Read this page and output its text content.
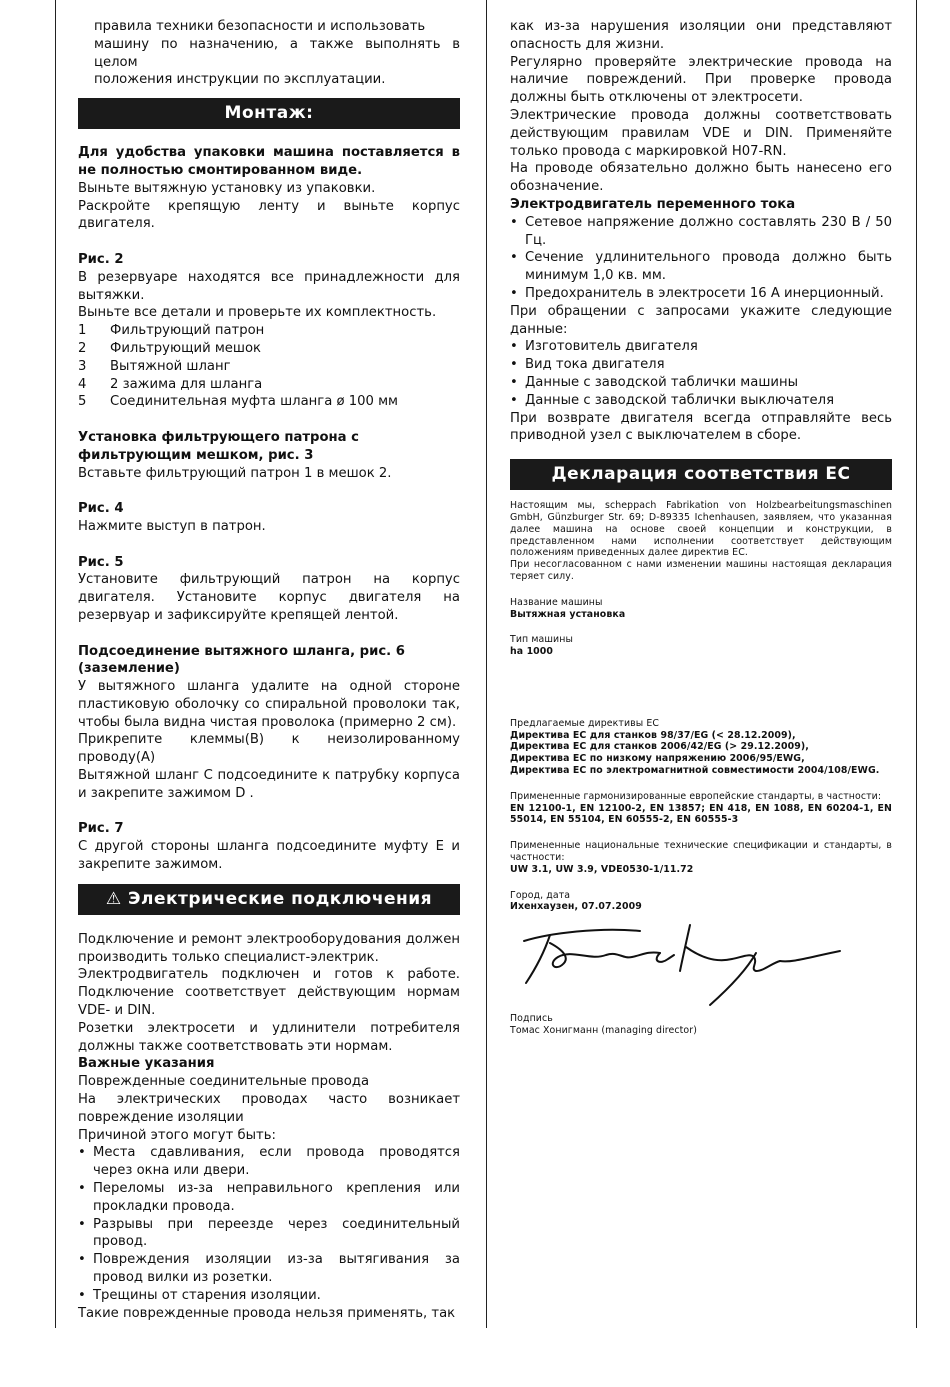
правила техники безопасности и использовать

машину по назначению, а также выполнять в целом

положения инструкции по эксплуатации.

Монтаж:

Для удобства упаковки машина поставляется в не полностью смонтированном виде.

Выньте вытяжную установку из упаковки.

Раскройте крепящую ленту и выньте корпус двигателя.

Рис. 2

В резервуаре находятся все принадлежности для вытяжки.

Выньте все детали и проверьте их комплектность.

1	Фильтрующий патрон
2	Фильтрующий мешок
3	Вытяжной шланг
4	2 зажима для шланга
5	Соединительная муфта шланга ø 100 мм

Установка фильтрующего патрона с фильтрующим мешком, рис. 3

Вставьте фильтрующий патрон 1 в мешок 2.

Рис. 4

Нажмите выступ в патрон.

Рис. 5

Установите фильтрующий патрон на корпус двигателя. Установите корпус двигателя на резервуар и зафиксируйте крепящей лентой.

Подсоединение вытяжного шланга, рис. 6 (заземление)

У вытяжного шланга удалите на одной стороне пластиковую оболочку со спиральной проволоки так, чтобы была видна чистая проволока (примерно 2 см).

Прикрепите клеммы(B) к неизолированному проводу(A)

Вытяжной шланг C подсоедините к патрубку корпуса и закрепите зажимом D .

Рис. 7

С другой стороны шланга подсоедините муфту E и закрепите зажимом.

⚠ Электрические подключения

Подключение и ремонт электрооборудования должен производить только специалист-электрик.

Электродвигатель подключен и готов к работе. Подключение соответствует действующим нормам VDE- и DIN.

Розетки электросети и удлинители потребителя должны также соответствовать эти нормам.

Важные указания

Поврежденные соединительные провода

На электрических проводах часто возникает повреждение изоляции

Причиной этого могут быть:

• Места сдавливания, если провода проводятся через окна или двери.
• Переломы из-за неправильного крепления или прокладки провода.
• Разрывы при переезде через соединительный провод.
• Повреждения изоляции из-за вытягивания за провод вилки из розетки.
• Трещины от старения изоляции.

Такие поврежденные провода нельзя применять, так

как из-за нарушения изоляции они представляют опасность для жизни.

Регулярно проверяйте электрические провода на наличие повреждений. При проверке провода должны быть отключены от электросети.

Электрические провода должны соответствовать действующим правилам VDE и DIN. Применяйте только провода с маркировкой H07-RN.

На проводе обязательно должно быть нанесено его обозначение.

Электродвигатель переменного тока

• Сетевое напряжение должно составлять 230 В / 50 Гц.
• Сечение удлинительного провода должно быть минимум 1,0 кв. мм.
• Предохранитель в электросети 16 А инерционный.

При обращении с запросами укажите следующие данные:

• Изготовитель двигателя
• Вид тока двигателя
• Данные с заводской таблички машины
• Данные с заводской таблички выключателя

При возврате двигателя всегда отправляйте весь приводной узел с выключателем в сборе.

Декларация соответствия ЕС

Настоящим мы, scheppach Fabrikation von Holzbearbeitungsmaschinen GmbH, Günzburger Str. 69; D-89335 Ichenhausen, заявляем, что указанная далее машина на основе своей концепции и конструкции, в представленном нами исполнении соответствует действующим положениям приведенных далее директив ЕС.

При несогласованном с нами изменении машины настоящая декларация теряет силу.

Название машины

Вытяжная установка

Тип машины

ha 1000

Предлагаемые директивы ЕС

Директива ЕС для станков 98/37/EG (< 28.12.2009),

Директива ЕС для станков 2006/42/EG (> 29.12.2009),

Директива ЕС по низкому напряжению 2006/95/EWG,

Директива ЕС по электромагнитной совместимости 2004/108/EWG.

Примененные гармонизированные европейские стандарты, в частности:

EN 12100-1, EN 12100-2, EN 13857; EN 418, EN 1088, EN 60204-1, EN 55014, EN 55104, EN 60555-2, EN 60555-3

Примененные национальные технические спецификации и стандарты, в частности:

UW 3.1, UW 3.9, VDE0530-1/11.72

Город, дата

Ихенхаузен, 07.07.2009

Подпись

Томас Хонигманн (managing director)
